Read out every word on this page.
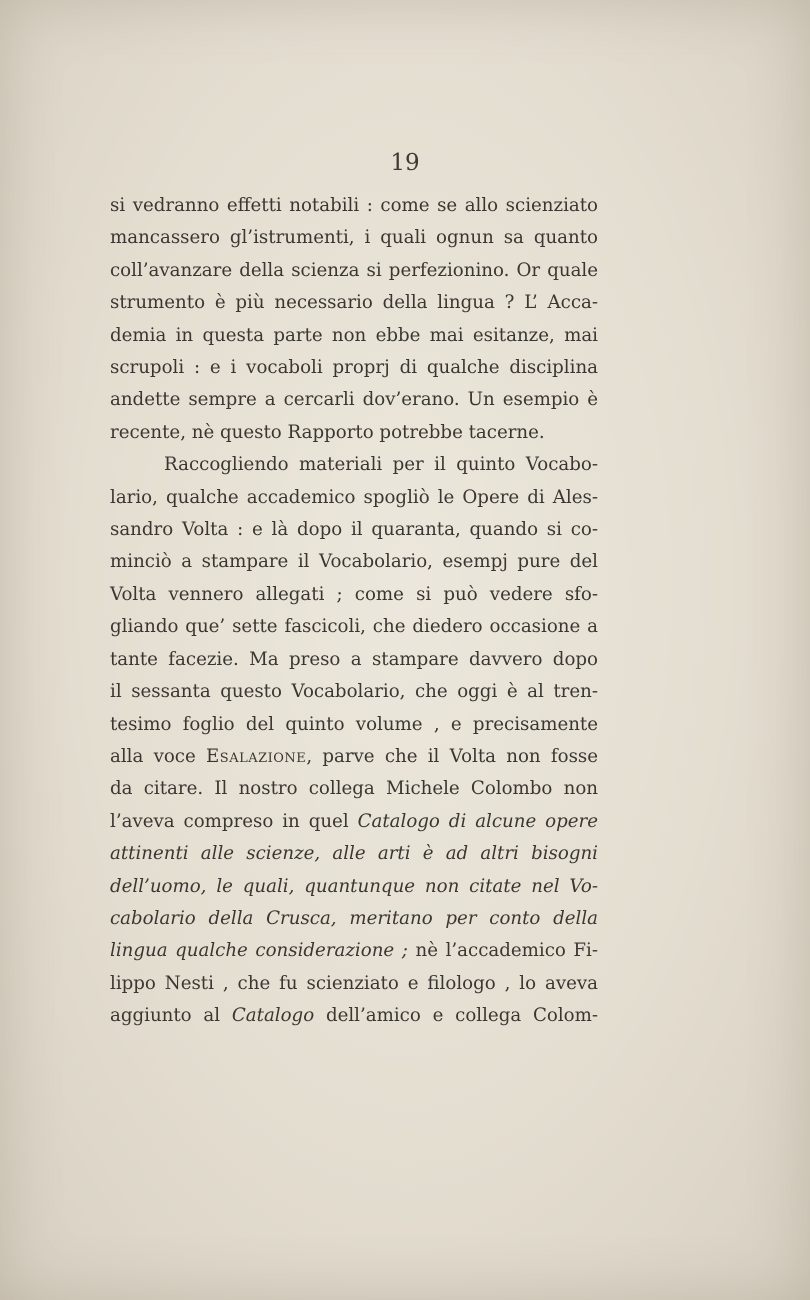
19
si vedranno effetti notabili : come se allo scienziato
mancassero gl’istrumenti, i quali ognun sa quanto
coll’avanzare della scienza si perfezionino. Or quale
strumento è più necessario della lingua ? L’ Acca-
demia in questa parte non ebbe mai esitanze, mai
scrupoli : e i vocaboli proprj di qualche disciplina
andette sempre a cercarli dov’erano. Un esempio è
recente, nè questo Rapporto potrebbe tacerne.
Raccogliendo materiali per il quinto Vocabo-
lario, qualche accademico spogliò le Opere di Ales-
sandro Volta : e là dopo il quaranta, quando si co-
minciò a stampare il Vocabolario, esempj pure del
Volta vennero allegati ; come si può vedere sfo-
gliando que’ sette fascicoli, che diedero occasione a
tante facezie. Ma preso a stampare davvero dopo
il sessanta questo Vocabolario, che oggi è al tren-
tesimo foglio del quinto volume , e precisamente
alla voce Esalazione, parve che il Volta non fosse
da citare. Il nostro collega Michele Colombo non
l’aveva compreso in quel Catalogo di alcune opere
attinenti alle scienze, alle arti è ad altri bisogni
dell’uomo, le quali, quantunque non citate nel Vo-
cabolario della Crusca, meritano per conto della
lingua qualche considerazione ; nè l’accademico Fi-
lippo Nesti , che fu scienziato e filologo , lo aveva
aggiunto al Catalogo dell’amico e collega Colom-
